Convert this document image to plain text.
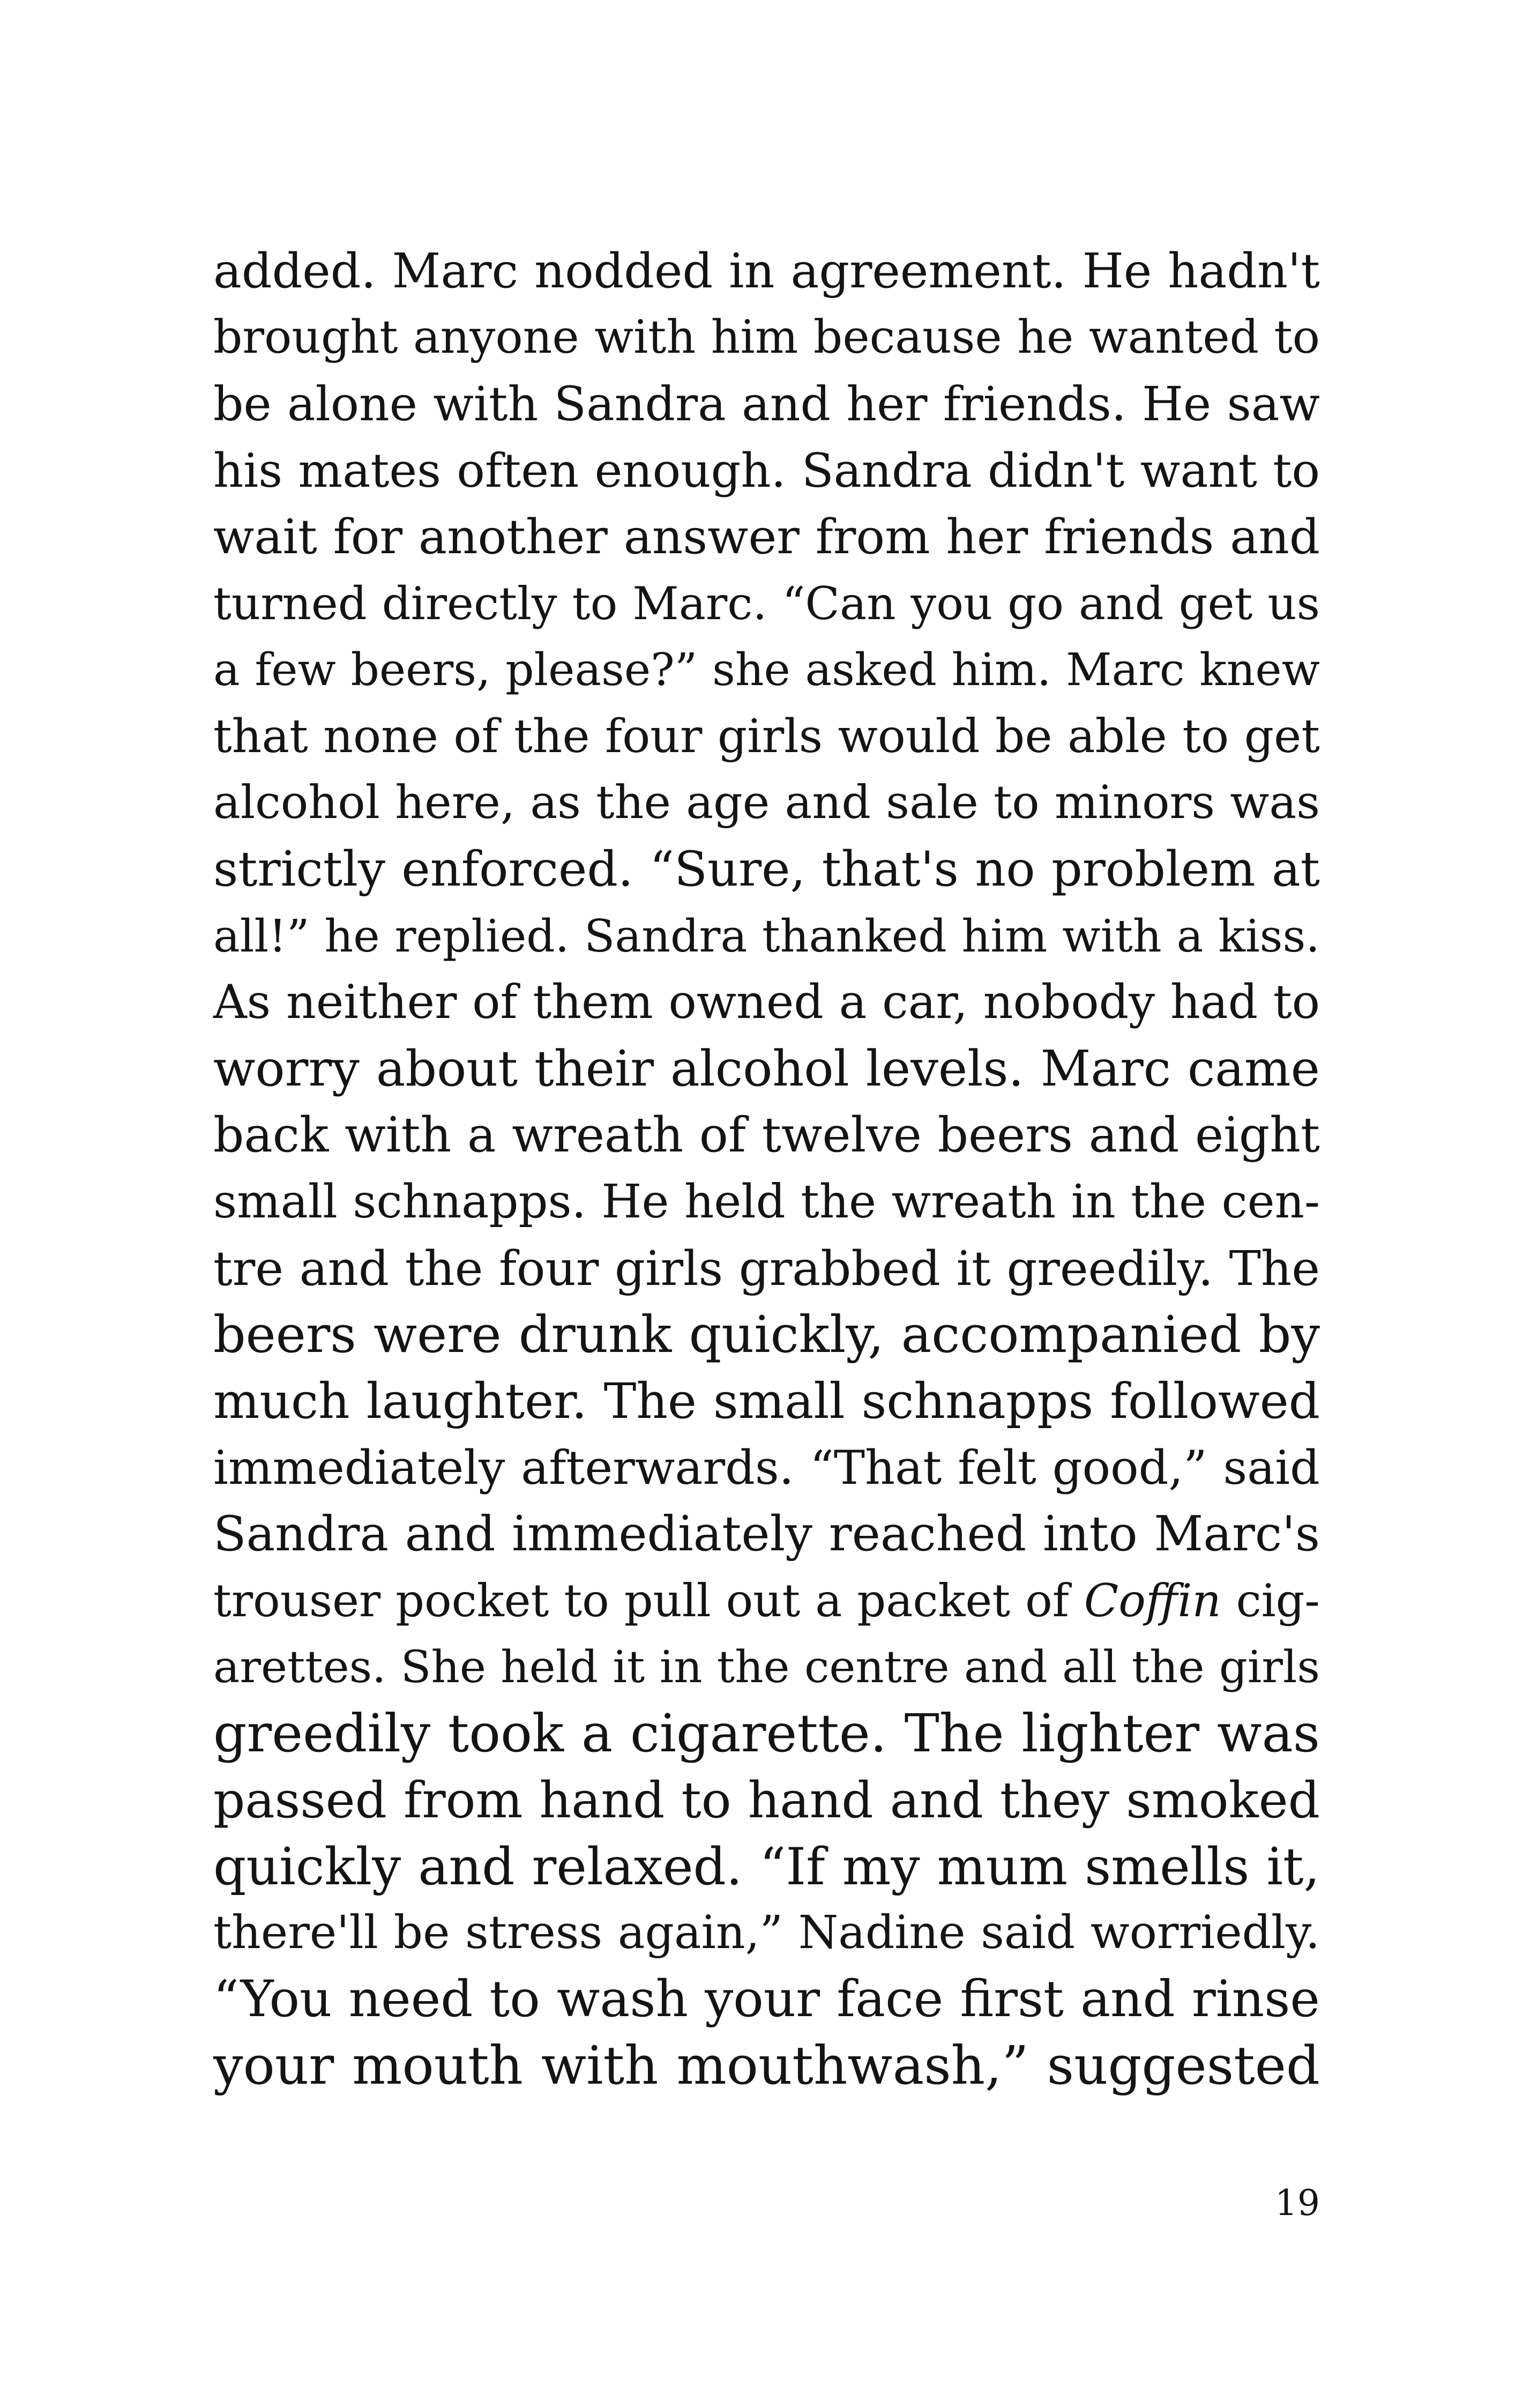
added. Marc nodded in agreement. He hadn't
brought anyone with him because he wanted to
be alone with Sandra and her friends. He saw
his mates often enough. Sandra didn't want to
wait for another answer from her friends and
turned directly to Marc. “Can you go and get us
a few beers, please?” she asked him. Marc knew
that none of the four girls would be able to get
alcohol here, as the age and sale to minors was
strictly enforced. “Sure, that's no problem at
all!” he replied. Sandra thanked him with a kiss.
As neither of them owned a car, nobody had to
worry about their alcohol levels. Marc came
back with a wreath of twelve beers and eight
small schnapps. He held the wreath in the cen-
tre and the four girls grabbed it greedily. The
beers were drunk quickly, accompanied by
much laughter. The small schnapps followed
immediately afterwards. “That felt good,” said
Sandra and immediately reached into Marc's
trouser pocket to pull out a packet of Coffin cig-
arettes. She held it in the centre and all the girls
greedily took a cigarette. The lighter was
passed from hand to hand and they smoked
quickly and relaxed. “If my mum smells it,
there'll be stress again,” Nadine said worriedly.
“You need to wash your face first and rinse
your mouth with mouthwash,” suggested
19
